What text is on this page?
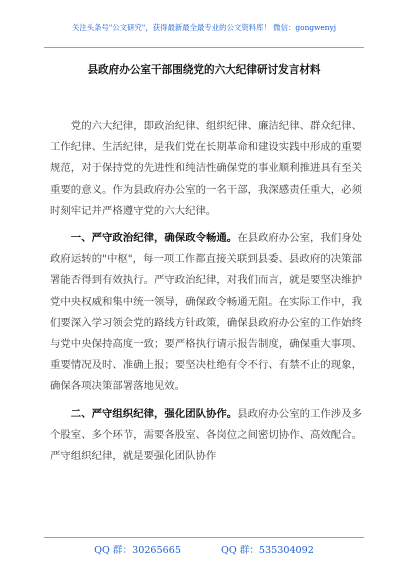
关注头条号"公文研究"，获得最新最全最专业的公文资料库！ 微信：gongwenyj
县政府办公室干部围绕党的六大纪律研讨发言材料

党的六大纪律，即政治纪律、组织纪律、廉洁纪律、群众纪律、工作纪律、生活纪律，是我们党在长期革命和建设实践中形成的重要规范，对于保持党的先进性和纯洁性确保党的事业顺利推进具有至关重要的意义。作为县政府办公室的一名干部，我深感责任重大，必须时刻牢记并严格遵守党的六大纪律。

一、严守政治纪律，确保政令畅通。在县政府办公室，我们身处政府运转的"中枢"，每一项工作都直接关联到县委、县政府的决策部署能否得到有效执行。严守政治纪律，对我们而言，就是要坚决维护党中央权威和集中统一领导，确保政令畅通无阻。在实际工作中，我们要深入学习领会党的路线方针政策，确保县政府办公室的工作始终与党中央保持高度一致；要严格执行请示报告制度，确保重大事项、重要情况及时、准确上报；要坚决杜绝有令不行、有禁不止的现象，确保各项决策部署落地见效。

二、严守组织纪律，强化团队协作。县政府办公室的工作涉及多个股室、多个环节，需要各股室、各岗位之间密切协作、高效配合。严守组织纪律，就是要强化团队协作

QQ 群：30265665	QQ 群：535304092
